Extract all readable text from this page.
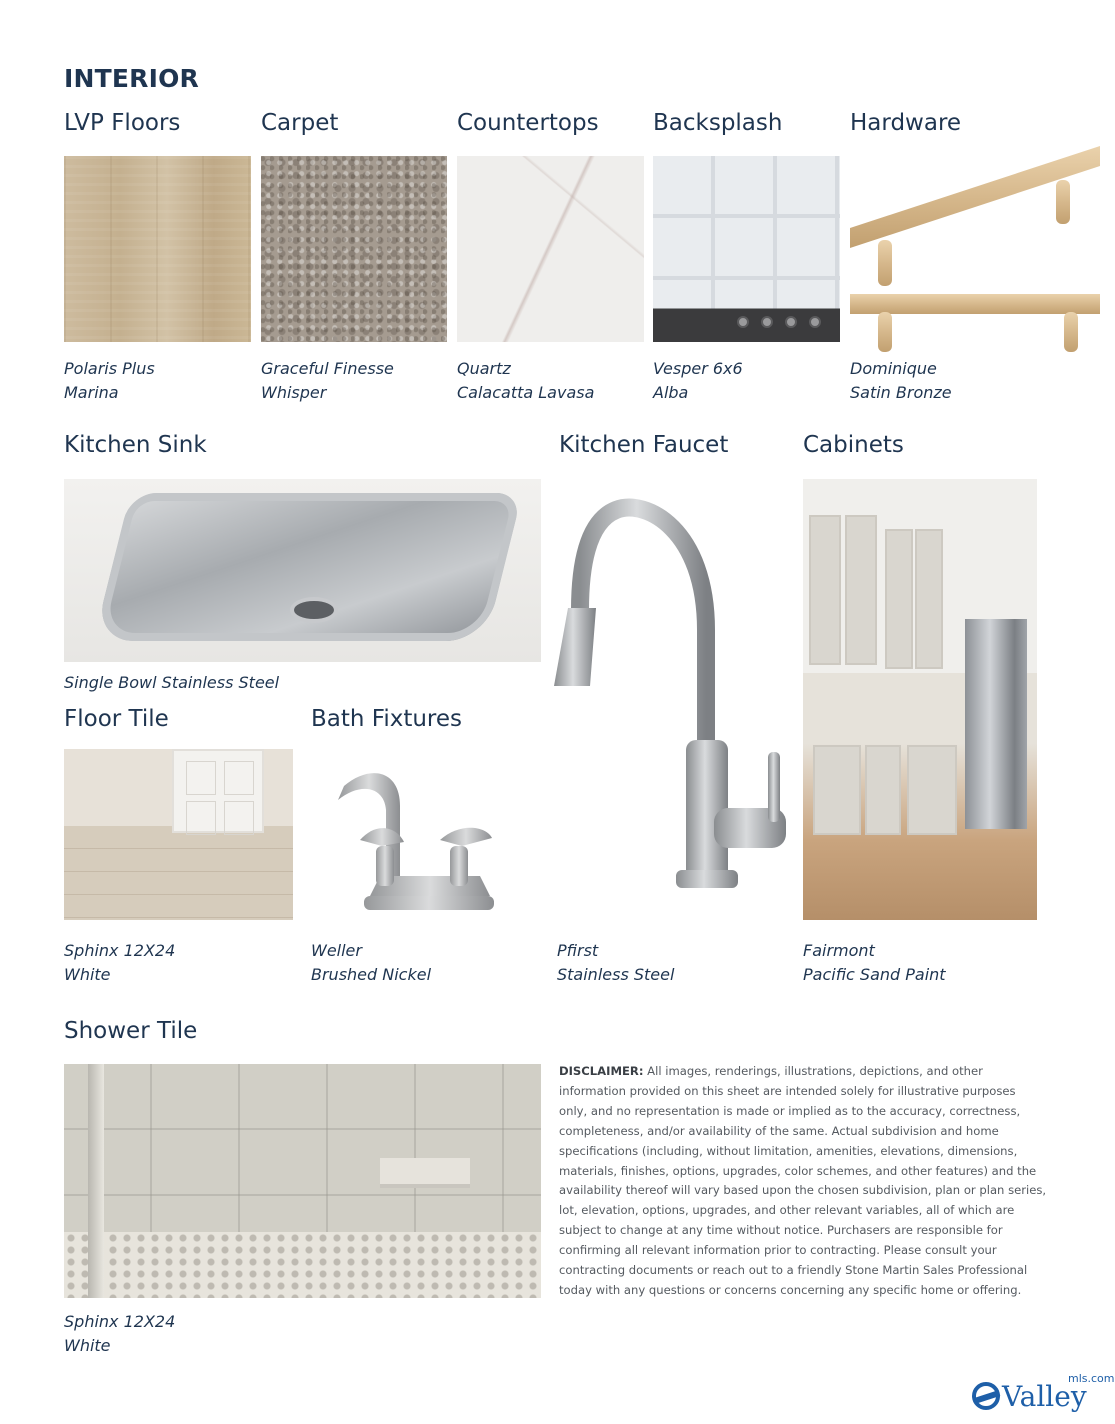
INTERIOR
LVP Floors	Carpet	Countertops Backsplash	Hardware
Polaris Plus
Marina
Graceful Finesse
Whisper
Quartz
Calacatta Lavasa
Vesper 6x6
Alba
Dominique
Satin Bronze
Kitchen Sink	Kitchen Faucet	Cabinets
Single Bowl Stainless Steel
Floor Tile	Bath Fixtures
Sphinx 12X24
White
Weller
Brushed Nickel
Pfirst
Stainless Steel
Fairmont
Pacific Sand Paint
Shower Tile
Sphinx 12X24
White
DISCLAIMER: All images, renderings, illustrations, depictions, and other information provided on this sheet are intended solely for illustrative purposes only, and no representation is made or implied as to the accuracy, correctness, completeness, and/or availability of the same. Actual subdivision and home specifications (including, without limitation, amenities, elevations, dimensions, materials, finishes, options, upgrades, color schemes, and other features) and the availability thereof will vary based upon the chosen subdivision, plan or plan series, lot, elevation, options, upgrades, and other relevant variables, all of which are subject to change at any time without notice. Purchasers are responsible for confirming all relevant information prior to contracting. Please consult your contracting documents or reach out to a friendly Stone Martin Sales Professional today with any questions or concerns concerning any specific home or offering.
Valley
mls.com
